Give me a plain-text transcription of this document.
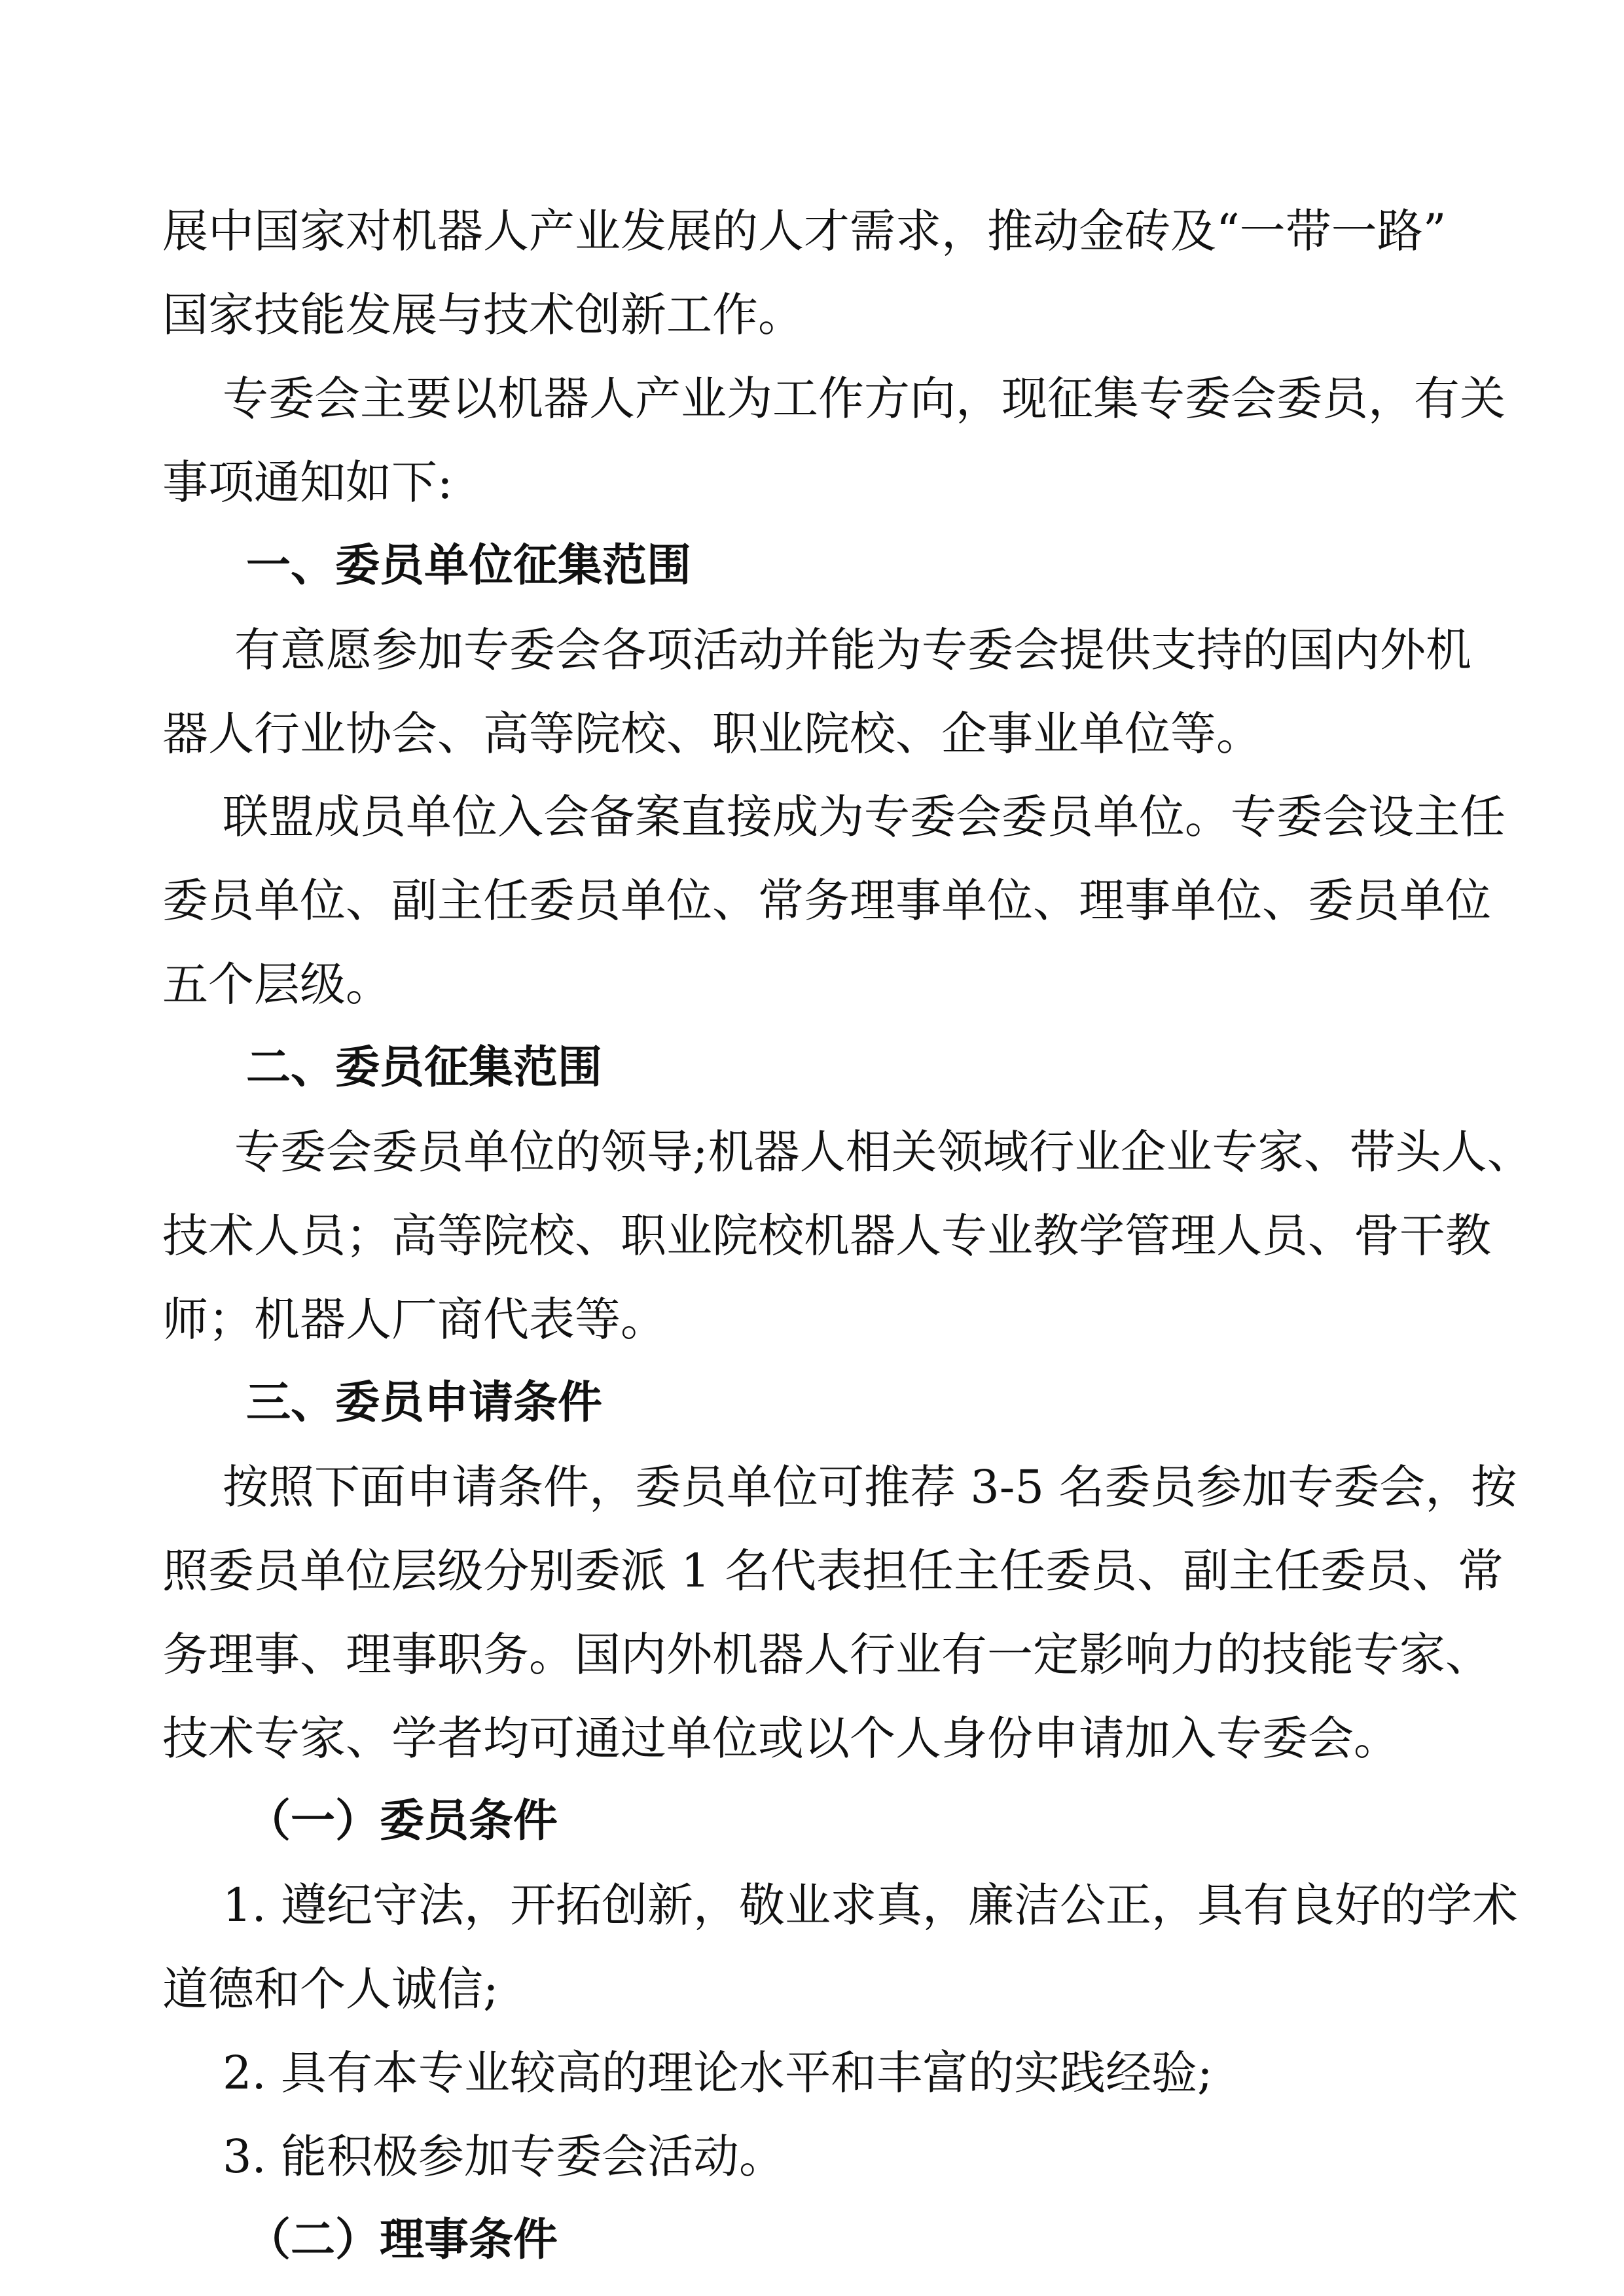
展中国家对机器人产业发展的人才需求，推动金砖及“一带一路”
国家技能发展与技术创新工作。
专委会主要以机器人产业为工作方向，现征集专委会委员，有关
事项通知如下:
一、委员单位征集范围
有意愿参加专委会各项活动并能为专委会提供支持的国内外机
器人行业协会、高等院校、职业院校、企事业单位等。
联盟成员单位入会备案直接成为专委会委员单位。专委会设主任
委员单位、副主任委员单位、常务理事单位、理事单位、委员单位
五个层级。
二、委员征集范围
专委会委员单位的领导;机器人相关领域行业企业专家、带头人、
技术人员；高等院校、职业院校机器人专业教学管理人员、骨干教
师；机器人厂商代表等。
三、委员申请条件
按照下面申请条件，委员单位可推荐 3-5 名委员参加专委会，按
照委员单位层级分别委派 1 名代表担任主任委员、副主任委员、常
务理事、理事职务。国内外机器人行业有一定影响力的技能专家、
技术专家、学者均可通过单位或以个人身份申请加入专委会。
（一）委员条件
1. 遵纪守法，开拓创新，敬业求真，廉洁公正，具有良好的学术
道德和个人诚信;
2. 具有本专业较高的理论水平和丰富的实践经验;
3. 能积极参加专委会活动。
（二）理事条件
